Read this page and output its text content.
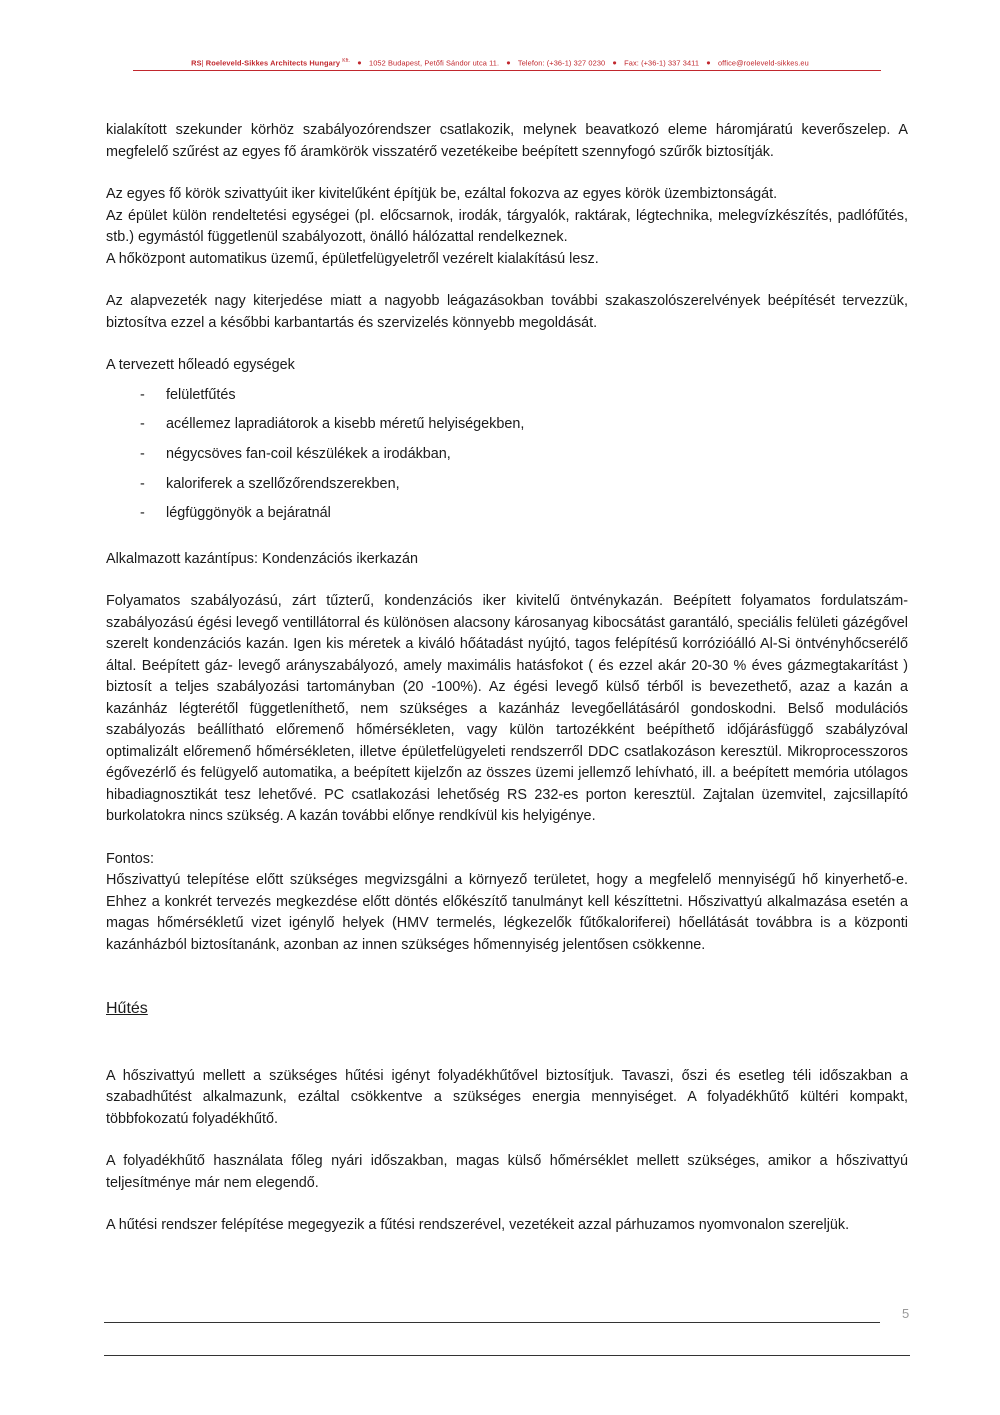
RS| Roeleveld-Sikkes Architects Hungary $^{Kft.}$ ● 1052 Budapest, Petőfi Sándor utca 11. ● Telefon: (+36-1) 327 0230 ● Fax: (+36-1) 337 3411 ● office@roeleveld-sikkes.eu

kialakított szekunder körhöz szabályozórendszer csatlakozik, melynek beavatkozó eleme háromjáratú keverőszelep. A megfelelő szűrést az egyes fő áramkörök visszatérő vezetékeibe beépített szennyfogó szűrők biztosítják.

Az egyes fő körök szivattyúit iker kivitelűként építjük be, ezáltal fokozva az egyes körök üzembiztonságát.

Az épület külön rendeltetési egységei (pl. előcsarnok, irodák, tárgyalók, raktárak, légtechnika, melegvízkészítés, padlófűtés, stb.) egymástól függetlenül szabályozott, önálló hálózattal rendelkeznek.

A hőközpont automatikus üzemű, épületfelügyeletről vezérelt kialakítású lesz.

Az alapvezeték nagy kiterjedése miatt a nagyobb leágazásokban további szakaszolószerelvények beépítését tervezzük, biztosítva ezzel a későbbi karbantartás és szervizelés könnyebb megoldását.

A tervezett hőleadó egységek

- felületfűtés
- acéllemez lapradiátorok a kisebb méretű helyiségekben,
- négycsöves fan-coil készülékek a irodákban,
- kaloriferek a szellőzőrendszerekben,
- légfüggönyök a bejáratnál

Alkalmazott kazántípus: Kondenzációs ikerkazán

Folyamatos szabályozású, zárt tűzterű, kondenzációs iker kivitelű öntvénykazán. Beépített folyamatos fordulatszám-szabályozású égési levegő ventillátorral és különösen alacsony károsanyag kibocsátást garantáló, speciális felületi gázégővel szerelt kondenzációs kazán. Igen kis méretek a kiváló hőátadást nyújtó, tagos felépítésű korrózióálló Al-Si öntvényhőcserélő által. Beépített gáz- levegő arányszabályozó, amely maximális hatásfokot ( és ezzel akár 20-30 % éves gázmegtakarítást ) biztosít a teljes szabályozási tartományban (20 -100%). Az égési levegő külső térből is bevezethető, azaz a kazán a kazánház légterétől függetleníthető, nem szükséges a kazánház levegőellátásáról gondoskodni. Belső modulációs szabályozás beállítható előremenő hőmérsékleten, vagy külön tartozékként beépíthető időjárásfüggő szabályzóval optimalizált előremenő hőmérsékleten, illetve épületfelügyeleti rendszerről DDC csatlakozáson keresztül. Mikroprocesszoros égővezérlő és felügyelő automatika, a beépített kijelzőn az összes üzemi jellemző lehívható, ill. a beépített memória utólagos hibadiagnosztikát tesz lehetővé. PC csatlakozási lehetőség RS 232-es porton keresztül. Zajtalan üzemvitel, zajcsillapító burkolatokra nincs szükség. A kazán további előnye rendkívül kis helyigénye.

Fontos:

Hőszivattyú telepítése előtt szükséges megvizsgálni a környező területet, hogy a megfelelő mennyiségű hő kinyerhető-e. Ehhez a konkrét tervezés megkezdése előtt döntés előkészítő tanulmányt kell készíttetni. Hőszivattyú alkalmazása esetén a magas hőmérsékletű vizet igénylő helyek (HMV termelés, légkezelők fűtőkaloriferei) hőellátását továbbra is a központi kazánházból biztosítanánk, azonban az innen szükséges hőmennyiség jelentősen csökkenne.

Hűtés

A hőszivattyú mellett a szükséges hűtési igényt folyadékhűtővel biztosítjuk. Tavaszi, őszi és esetleg téli időszakban a szabadhűtést alkalmazunk, ezáltal csökkentve a szükséges energia mennyiséget. A folyadékhűtő kültéri kompakt, többfokozatú folyadékhűtő.

A folyadékhűtő használata főleg nyári időszakban, magas külső hőmérséklet mellett szükséges, amikor a hőszivattyú teljesítménye már nem elegendő.

A hűtési rendszer felépítése megegyezik a fűtési rendszerével, vezetékeit azzal párhuzamos nyomvonalon szereljük.

5
